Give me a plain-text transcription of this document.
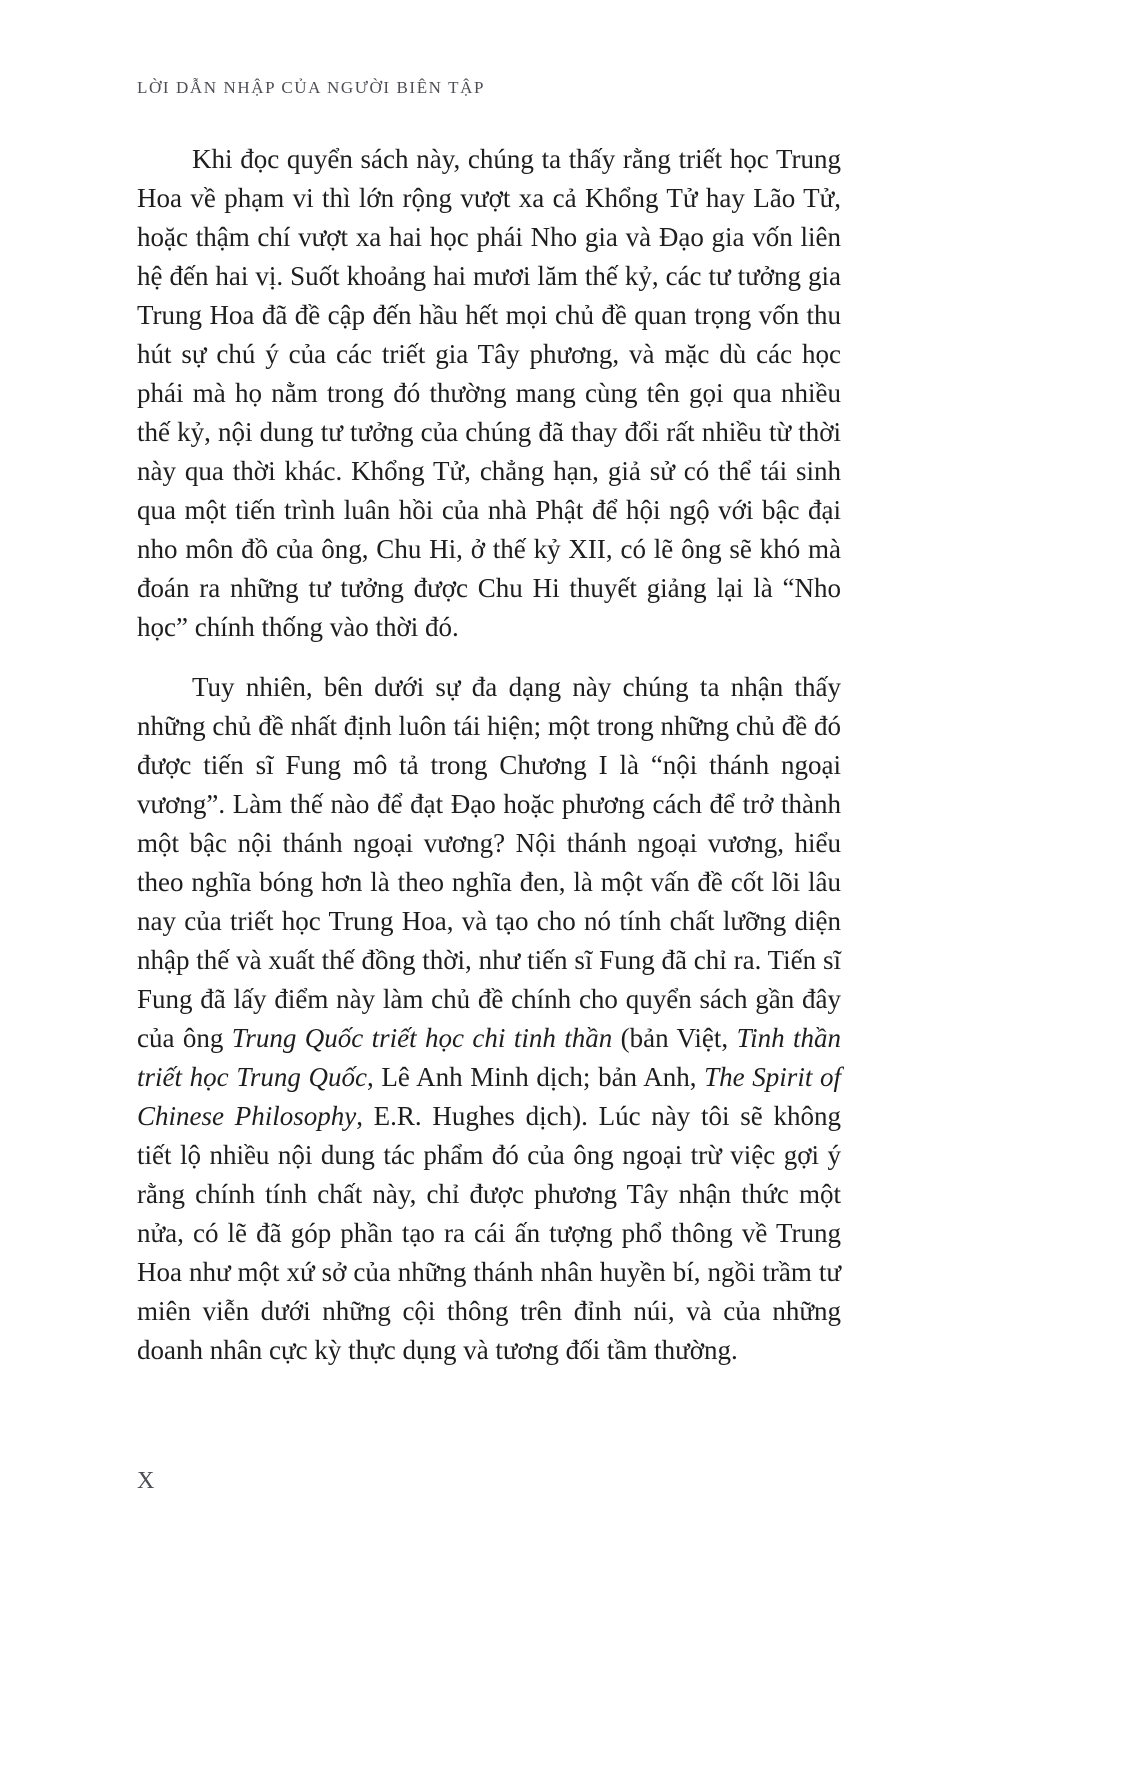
LỜI DẪN NHẬP CỦA NGƯỜI BIÊN TẬP

Khi đọc quyển sách này, chúng ta thấy rằng triết học Trung Hoa về phạm vi thì lớn rộng vượt xa cả Khổng Tử hay Lão Tử, hoặc thậm chí vượt xa hai học phái Nho gia và Đạo gia vốn liên hệ đến hai vị. Suốt khoảng hai mươi lăm thế kỷ, các tư tưởng gia Trung Hoa đã đề cập đến hầu hết mọi chủ đề quan trọng vốn thu hút sự chú ý của các triết gia Tây phương, và mặc dù các học phái mà họ nằm trong đó thường mang cùng tên gọi qua nhiều thế kỷ, nội dung tư tưởng của chúng đã thay đổi rất nhiều từ thời này qua thời khác. Khổng Tử, chẳng hạn, giả sử có thể tái sinh qua một tiến trình luân hồi của nhà Phật để hội ngộ với bậc đại nho môn đồ của ông, Chu Hi, ở thế kỷ XII, có lẽ ông sẽ khó mà đoán ra những tư tưởng được Chu Hi thuyết giảng lại là “Nho học” chính thống vào thời đó.

Tuy nhiên, bên dưới sự đa dạng này chúng ta nhận thấy những chủ đề nhất định luôn tái hiện; một trong những chủ đề đó được tiến sĩ Fung mô tả trong Chương I là “nội thánh ngoại vương”. Làm thế nào để đạt Đạo hoặc phương cách để trở thành một bậc nội thánh ngoại vương? Nội thánh ngoại vương, hiểu theo nghĩa bóng hơn là theo nghĩa đen, là một vấn đề cốt lõi lâu nay của triết học Trung Hoa, và tạo cho nó tính chất lưỡng diện nhập thế và xuất thế đồng thời, như tiến sĩ Fung đã chỉ ra. Tiến sĩ Fung đã lấy điểm này làm chủ đề chính cho quyển sách gần đây của ông Trung Quốc triết học chi tinh thần (bản Việt, Tinh thần triết học Trung Quốc, Lê Anh Minh dịch; bản Anh, The Spirit of Chinese Philosophy, E.R. Hughes dịch). Lúc này tôi sẽ không tiết lộ nhiều nội dung tác phẩm đó của ông ngoại trừ việc gợi ý rằng chính tính chất này, chỉ được phương Tây nhận thức một nửa, có lẽ đã góp phần tạo ra cái ấn tượng phổ thông về Trung Hoa như một xứ sở của những thánh nhân huyền bí, ngồi trầm tư miên viễn dưới những cội thông trên đỉnh núi, và của những doanh nhân cực kỳ thực dụng và tương đối tầm thường.

X
